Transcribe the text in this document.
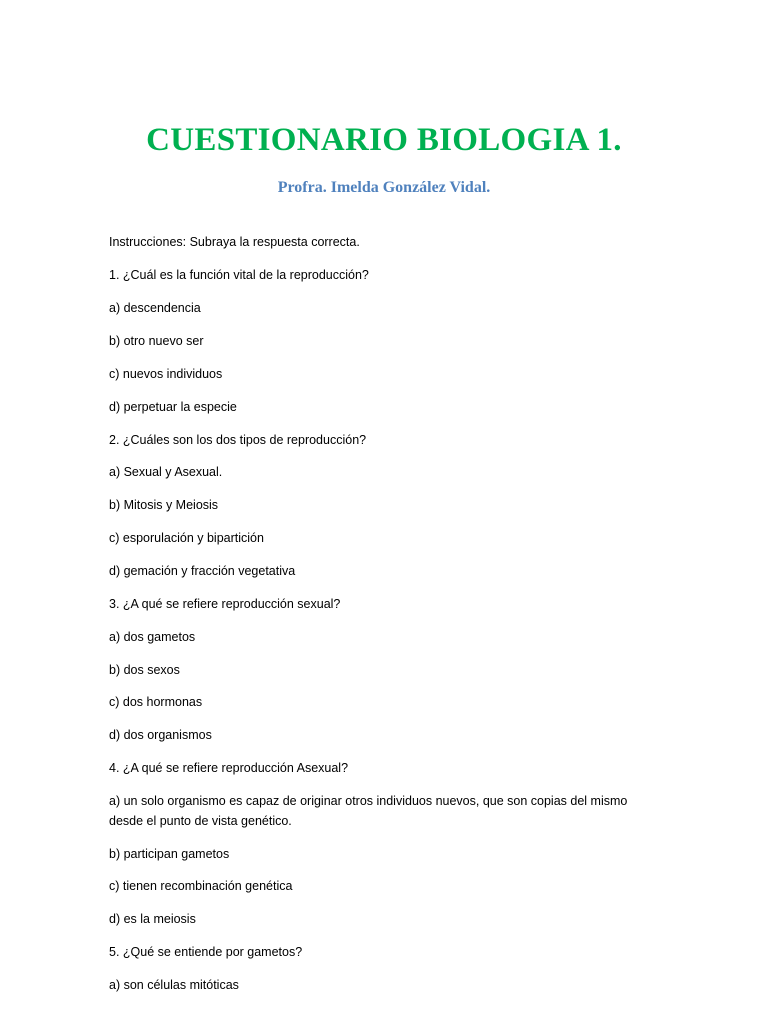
CUESTIONARIO BIOLOGIA 1.

Profra. Imelda González Vidal.

Instrucciones: Subraya la respuesta correcta.

1. ¿Cuál es la función vital de la reproducción?

a) descendencia

b) otro nuevo ser

c) nuevos individuos

d) perpetuar la especie

2. ¿Cuáles son los dos tipos de reproducción?

a) Sexual y Asexual.

b) Mitosis y Meiosis

c) esporulación y bipartición

d) gemación y fracción vegetativa

3. ¿A qué se refiere reproducción sexual?

a) dos gametos

b) dos sexos

c) dos hormonas

d) dos organismos

4. ¿A qué se refiere reproducción Asexual?

a) un solo organismo es capaz de originar otros individuos nuevos, que son copias del mismo desde el punto de vista genético.

b) participan gametos

c) tienen recombinación genética

d) es la meiosis

5. ¿Qué se entiende por gametos?

a) son células mitóticas
